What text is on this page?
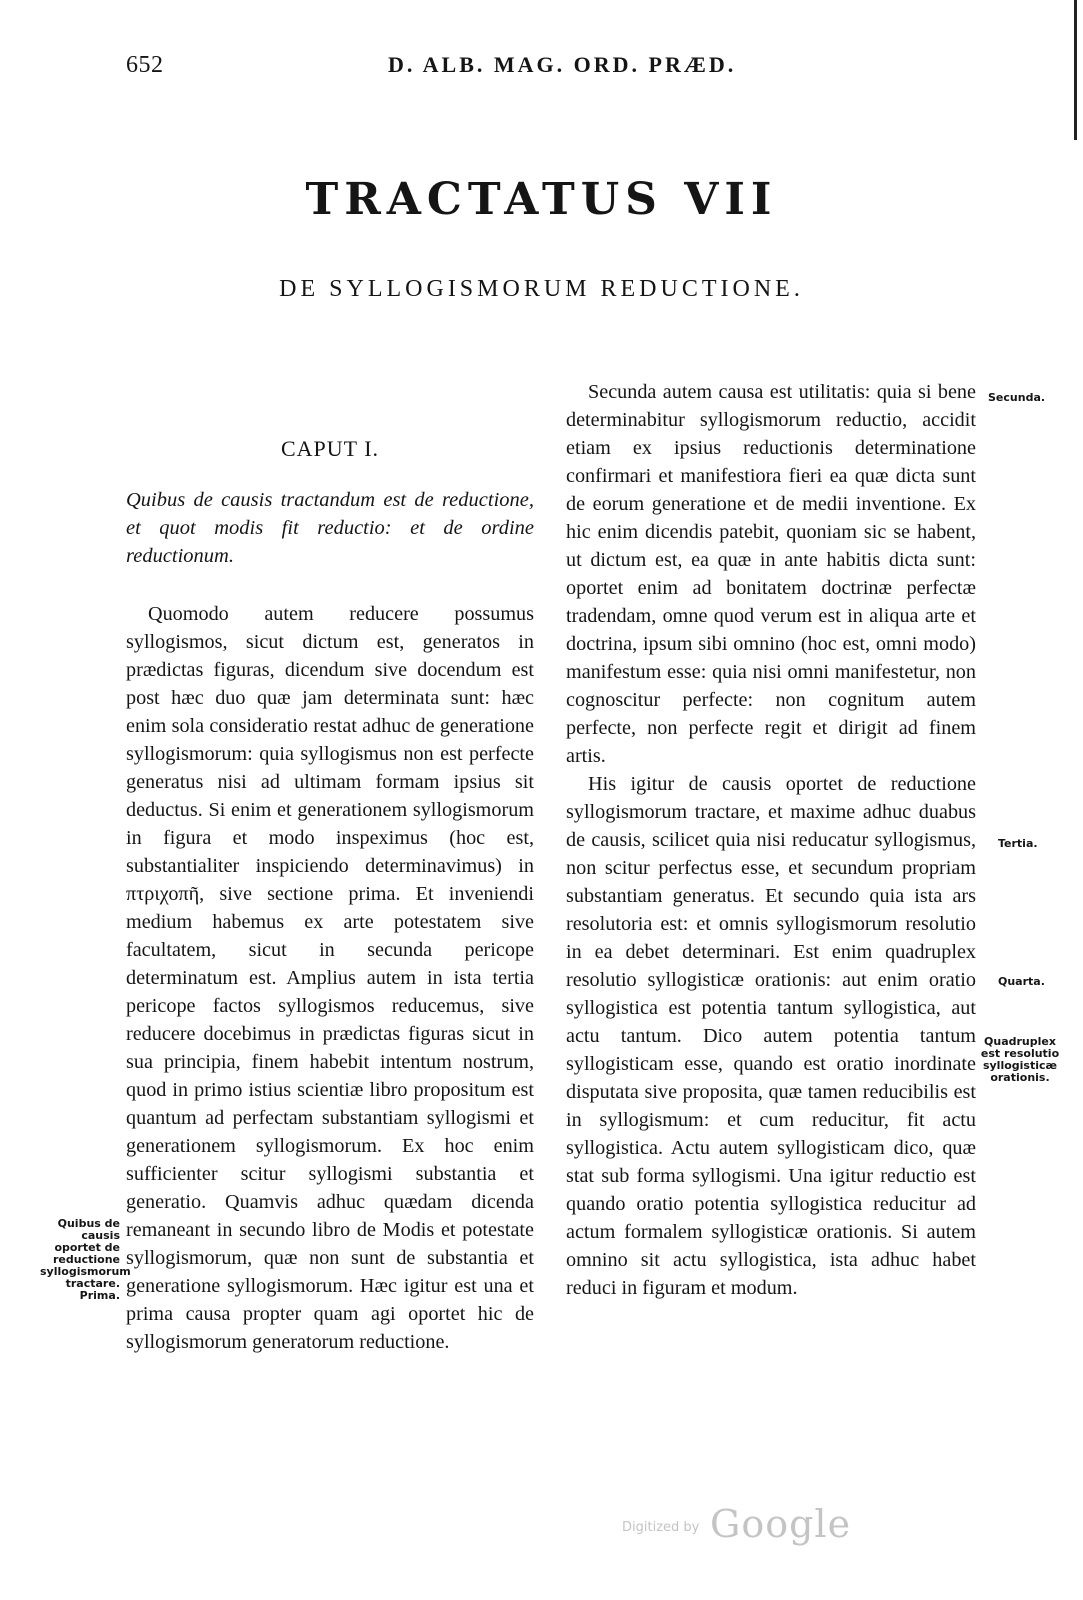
652	D. ALB. MAG. ORD. PRÆD.
TRACTATUS VII
DE SYLLOGISMORUM REDUCTIONE.
CAPUT I.
Quibus de causis tractandum est de reductione, et quot modis fit reductio: et de ordine reductionum.

Quomodo autem reducere possumus syllogismos, sicut dictum est, generatos in prædictas figuras, dicendum sive docendum est post hæc duo quæ jam determinata sunt: hæc enim sola consideratio restat adhuc de generatione syllogismorum: quia syllogismus non est perfecte generatus nisi ad ultimam formam ipsius sit deductus. Si enim et generationem syllogismorum in figura et modo inspeximus (hoc est, substantialiter inspiciendo determinavimus) in πτριχοπῆ, sive sectione prima. Et inveniendi medium habemus ex arte potestatem sive facultatem, sicut in secunda pericope determinatum est. Amplius autem in ista tertia pericope factos syllogismos reducemus, sive reducere docebimus in prædictas figuras sicut in sua principia, finem habebit intentum nostrum, quod in primo istius scientiæ libro propositum est quantum ad perfectam substantiam syllogismi et generationem syllogismorum. Ex hoc enim sufficienter scitur syllogismi substantia et generatio. Quamvis adhuc quædam dicenda remaneant in secundo libro de Modis et potestate syllogismorum, quæ non sunt de substantia et generatione syllogismorum. Hæc igitur est una et prima causa propter quam agi oportet hic de syllogismorum generatorum reductione.

Secunda autem causa est utilitatis: quia si bene determinabitur syllogismorum reductio, accidit etiam ex ipsius reductionis determinatione confirmari et manifestiora fieri ea quæ dicta sunt de eorum generatione et de medii inventione. Ex hic enim dicendis patebit, quoniam sic se habent, ut dictum est, ea quæ in ante habitis dicta sunt: oportet enim ad bonitatem doctrinæ perfectæ tradendam, omne quod verum est in aliqua arte et doctrina, ipsum sibi omnino (hoc est, omni modo) manifestum esse: quia nisi omni manifestetur, non cognoscitur perfecte: non cognitum autem perfecte, non perfecte regit et dirigit ad finem artis.

His igitur de causis oportet de reductione syllogismorum tractare, et maxime adhuc duabus de causis, scilicet quia nisi reducatur syllogismus, non scitur perfectus esse, et secundum propriam substantiam generatus. Et secundo quia ista ars resolutoria est: et omnis syllogismorum resolutio in ea debet determinari. Est enim quadruplex resolutio syllogisticæ orationis: aut enim oratio syllogistica est potentia tantum syllogistica, aut actu tantum. Dico autem potentia tantum syllogisticam esse, quando est oratio inordinate disputata sive proposita, quæ tamen reducibilis est in syllogismum: et cum reducitur, fit actu syllogistica. Actu autem syllogisticam dico, quæ stat sub forma syllogismi. Una igitur reductio est quando oratio potentia syllogistica reducitur ad actum formalem syllogisticæ orationis. Si autem omnino sit actu syllogistica, ista adhuc habet reduci in figuram et modum.

Secunda.
Tertia.
Quarta.
Quadruplex est resolutio syllogisticæ orationis.
Quibus de causis oportet de reductione syllogismorum tractare. Prima.
Digitized by Google
